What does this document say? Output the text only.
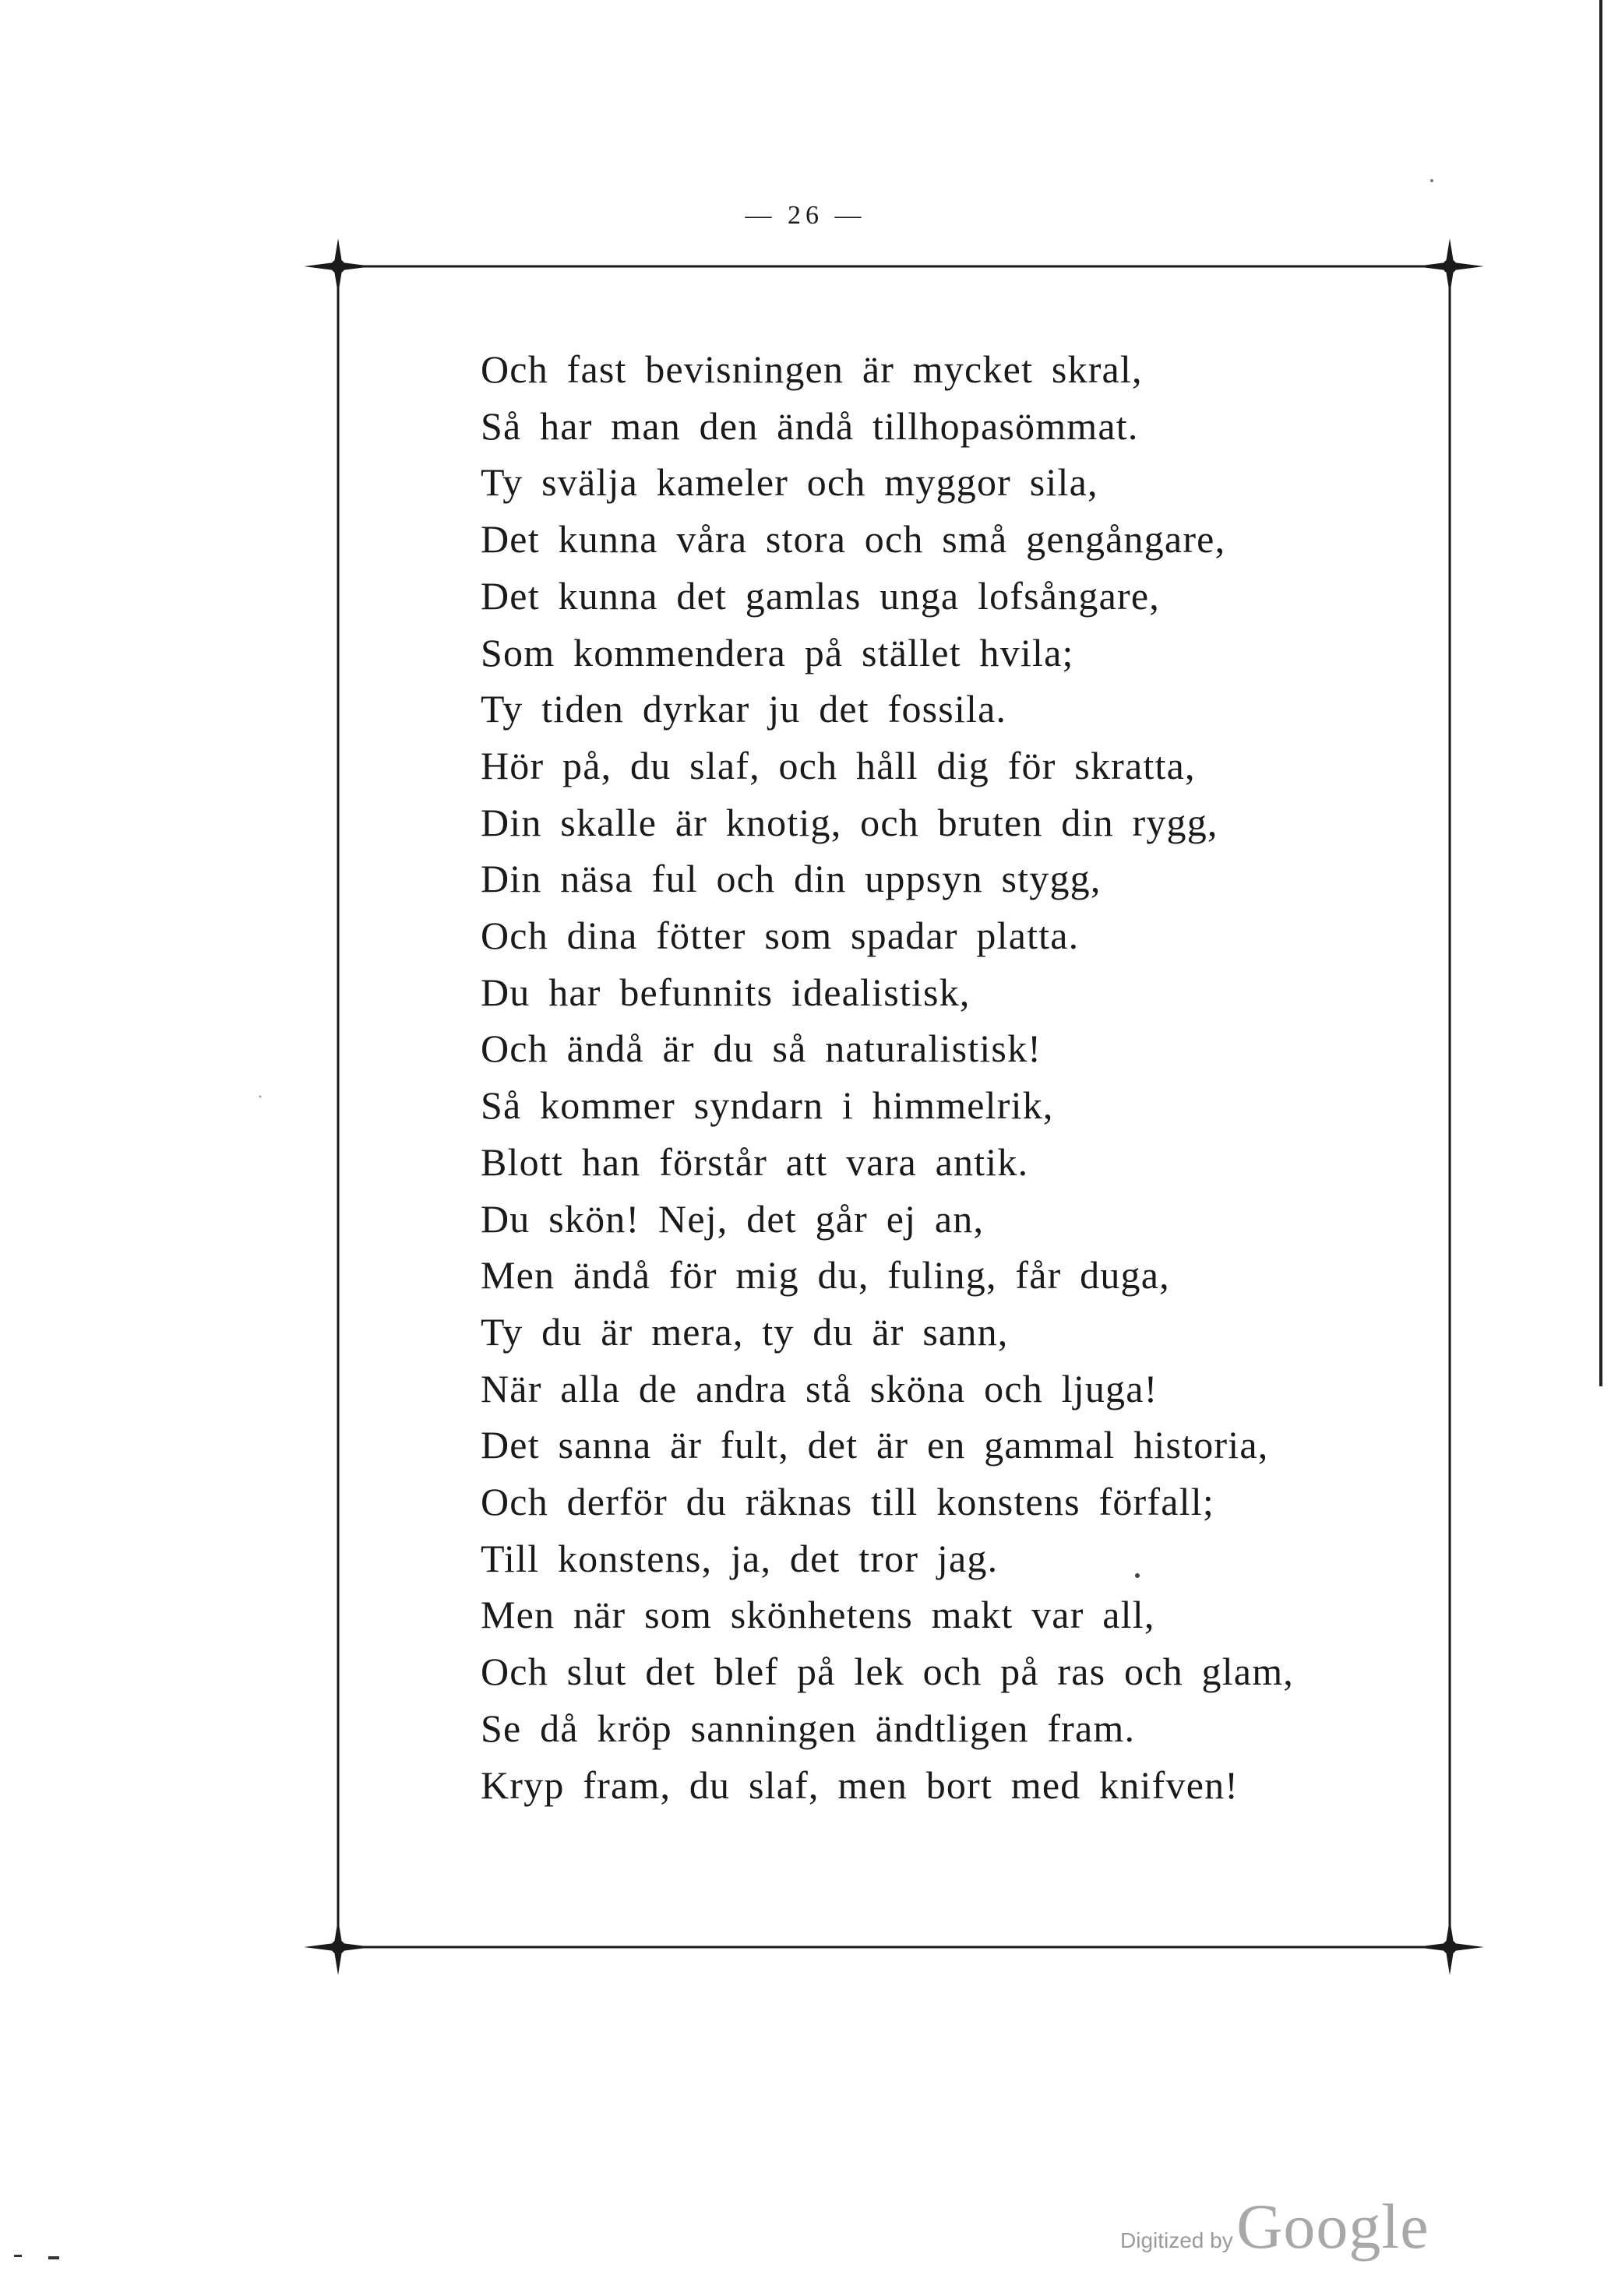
— 26 —
Och fast bevisningen är mycket skral,
Så har man den ändå tillhopasömmat.
Ty svälja kameler och myggor sila,
Det kunna våra stora och små gengångare,
Det kunna det gamlas unga lofsångare,
Som kommendera på stället hvila;
Ty tiden dyrkar ju det fossila.
Hör på, du slaf, och håll dig för skratta,
Din skalle är knotig, och bruten din rygg,
Din näsa ful och din uppsyn stygg,
Och dina fötter som spadar platta.
Du har befunnits idealistisk,
Och ändå är du så naturalistisk!
Så kommer syndarn i himmelrik,
Blott han förstår att vara antik.
Du skön! Nej, det går ej an,
Men ändå för mig du, fuling, får duga,
Ty du är mera, ty du är sann,
När alla de andra stå sköna och ljuga!
Det sanna är fult, det är en gammal historia,
Och derför du räknas till konstens förfall;
Till konstens, ja, det tror jag.
Men när som skönhetens makt var all,
Och slut det blef på lek och på ras och glam,
Se då kröp sanningen ändtligen fram.
Kryp fram, du slaf, men bort med knifven!
Digitized by Google
